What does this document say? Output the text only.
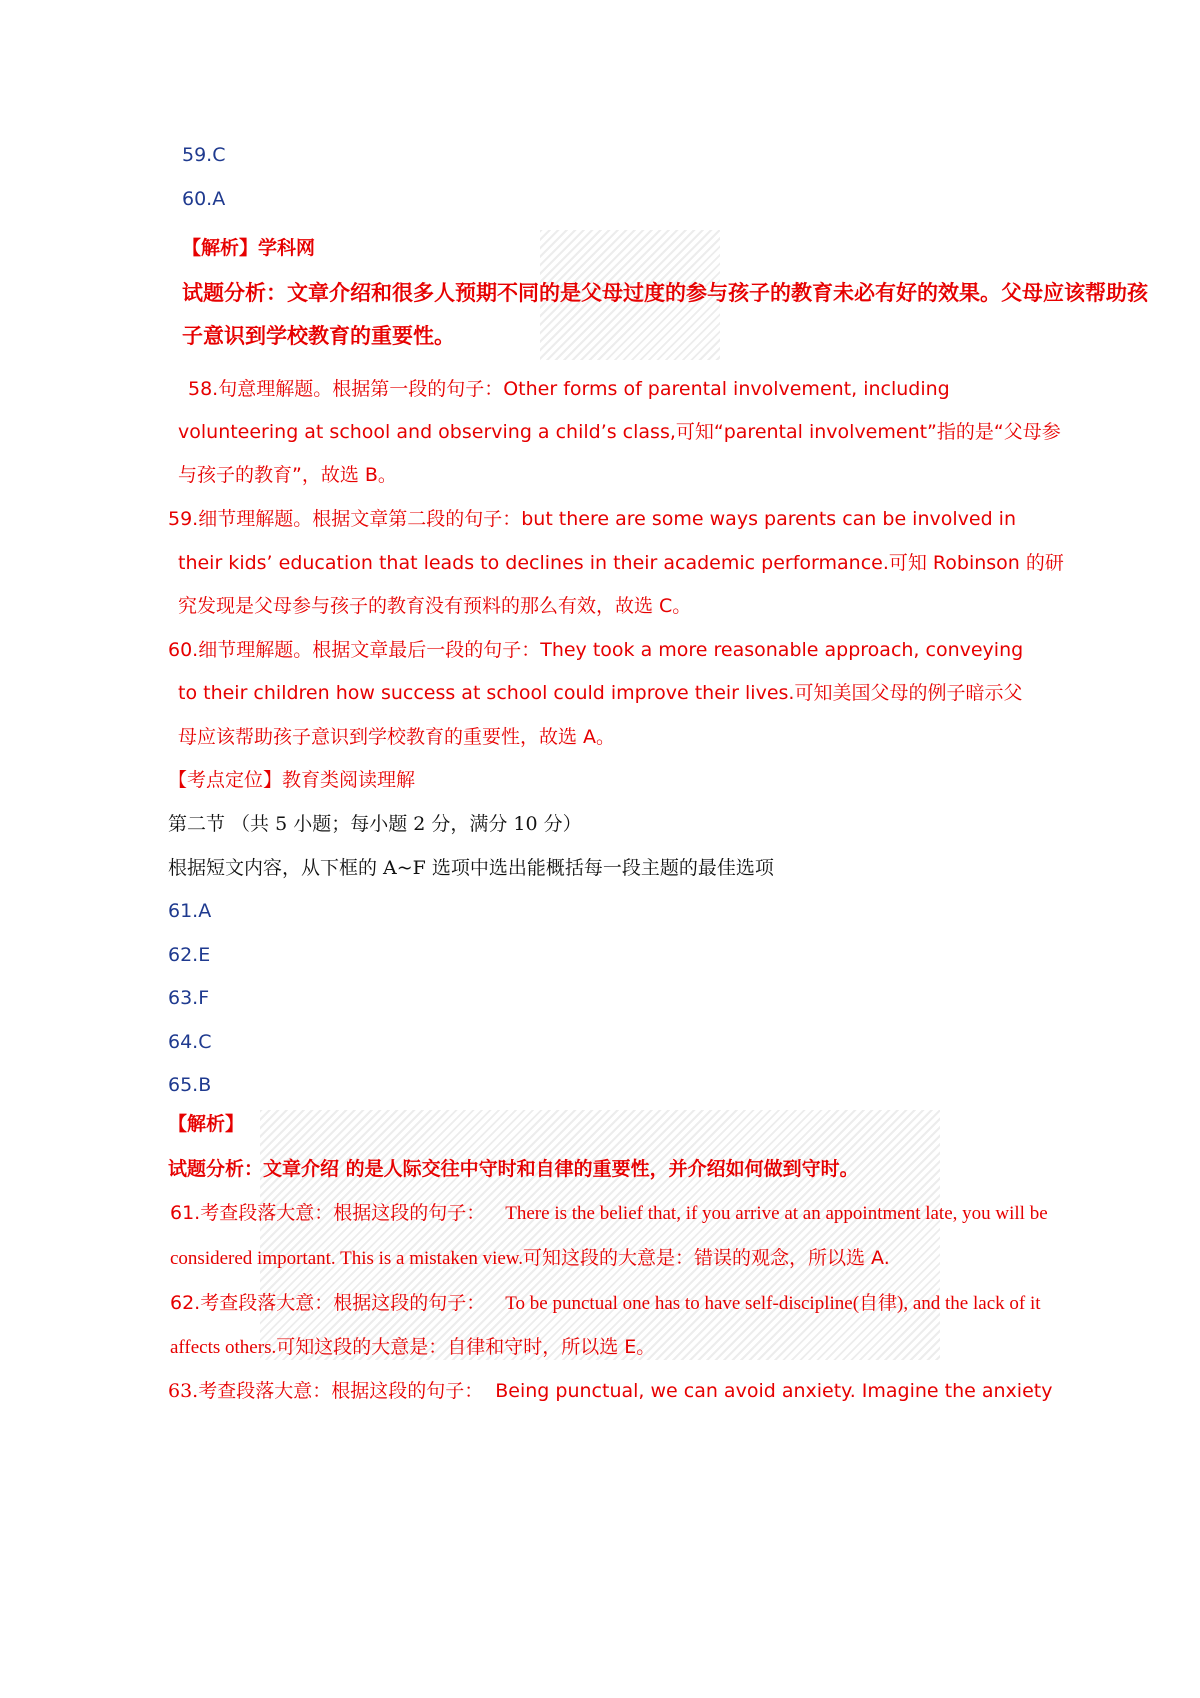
59.C
60.A
【解析】学科网
试题分析：文章介绍和很多人预期不同的是父母过度的参与孩子的教育未必有好的效果。父母应该帮助孩
子意识到学校教育的重要性。
58.句意理解题。根据第一段的句子：Other forms of parental involvement, including
volunteering at school and observing a child’s class,可知“parental involvement”指的是“父母参
与孩子的教育”，故选 B。
59.细节理解题。根据文章第二段的句子：but there are some ways parents can be involved in
their kids’ education that leads to declines in their academic performance.可知 Robinson 的研
究发现是父母参与孩子的教育没有预料的那么有效，故选 C。
60.细节理解题。根据文章最后一段的句子：They took a more reasonable approach, conveying
to their children how success at school could improve their lives.可知美国父母的例子暗示父
母应该帮助孩子意识到学校教育的重要性，故选 A。
【考点定位】教育类阅读理解
第二节 （共 5 小题；每小题 2 分，满分 10 分）
根据短文内容，从下框的 A~F 选项中选出能概括每一段主题的最佳选项
61.A
62.E
63.F
64.C
65.B
【解析】
试题分析：文章介绍 的是人际交往中守时和自律的重要性，并介绍如何做到守时。
61.考查段落大意：根据这段的句子： There is the belief that, if you arrive at an appointment late, you will be
considered important. This is a mistaken view.可知这段的大意是：错误的观念，所以选 A.
62.考查段落大意：根据这段的句子： To be punctual one has to have self-discipline(自律), and the lack of it
affects others.可知这段的大意是：自律和守时，所以选 E。
63.考查段落大意：根据这段的句子： Being punctual, we can avoid anxiety. Imagine the anxiety
